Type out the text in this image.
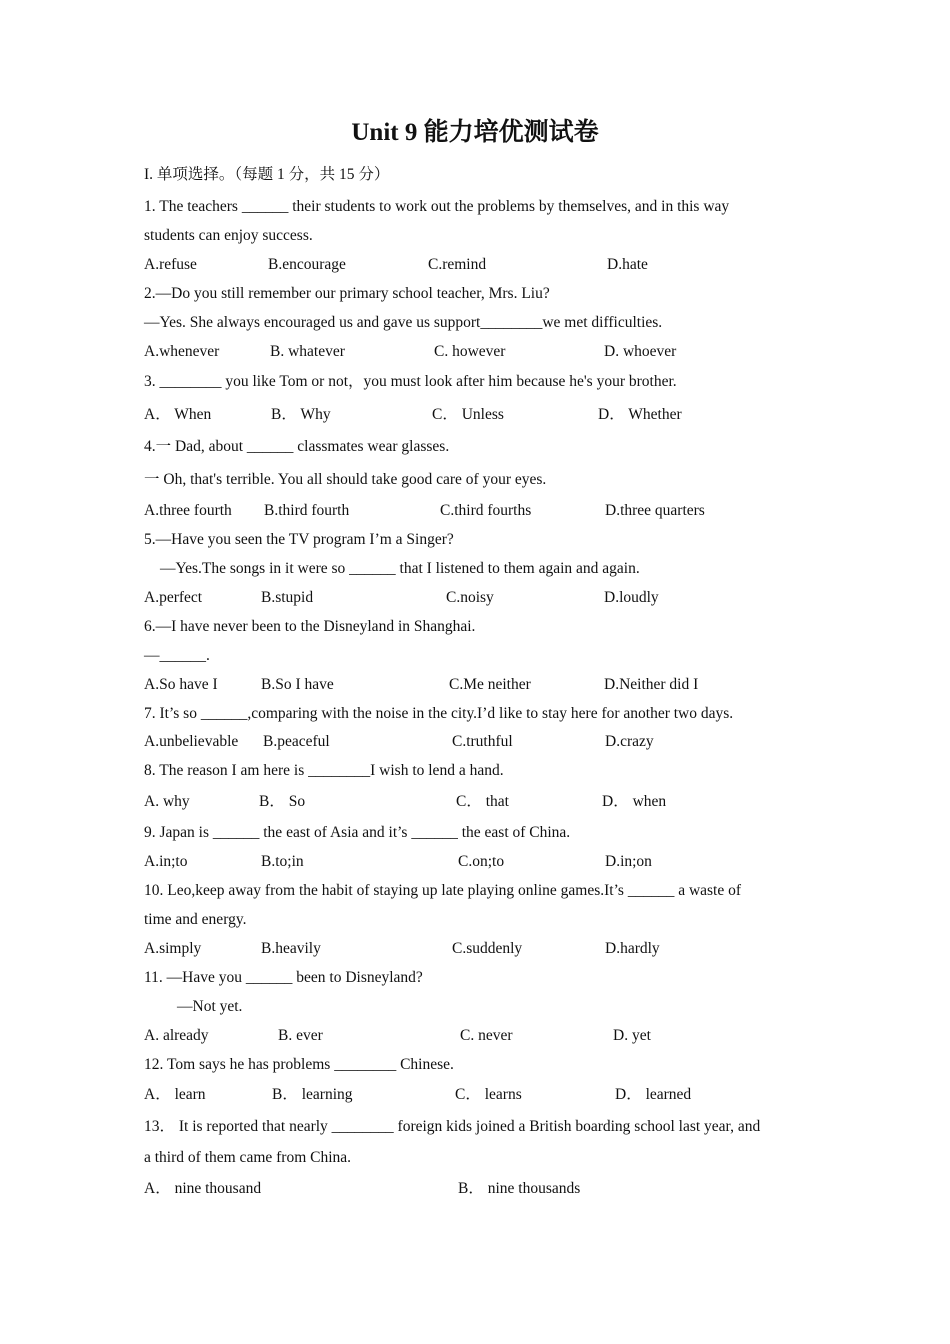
Unit 9 能力培优测试卷
I. 单项选择。（每题 1 分，共 15 分）
1. The teachers ______ their students to work out the problems by themselves, and in this way
students can enjoy success.
A.refuse	B.encourage	C.remind	D.hate
2.—Do you still remember our primary school teacher, Mrs. Liu?
—Yes. She always encouraged us and gave us support________we met difficulties.
A.whenever	B. whatever	C. however	D. whoever
3. ________ you like Tom or not，you must look after him because he's your brother.
A． When	B． Why	C． Unless	D． Whether
4.一 Dad, about ______ classmates wear glasses.
一 Oh, that's terrible. You all should take good care of your eyes.
A.three fourth B.third fourth	C.third fourths	D.three quarters
5.—Have you seen the TV program I’m a Singer?
—Yes.The songs in it were so ______ that I listened to them again and again.
A.perfect	B.stupid	C.noisy	D.loudly
6.—I have never been to the Disneyland in Shanghai.
—______.
A.So have I	B.So I have	C.Me neither	D.Neither did I
7. It’s so ______,comparing with the noise in the city.I’d like to stay here for another two days.
A.unbelievable B.peaceful	C.truthful	D.crazy
8. The reason I am here is ________I wish to lend a hand.
A. why	B． So	C． that	D． when
9. Japan is ______ the east of Asia and it’s ______ the east of China.
A.in;to	B.to;in	C.on;to	D.in;on
10. Leo,keep away from the habit of staying up late playing online games.It’s ______ a waste of
time and energy.
A.simply	B.heavily	C.suddenly	D.hardly
11. —Have you ______ been to Disneyland?
—Not yet.
A. already	B. ever	C. never	D. yet
12. Tom says he has problems ________ Chinese.
A． learn	B． learning	C． learns	D． learned
13． It is reported that nearly ________ foreign kids joined a British boarding school last year, and
a third of them came from China.
A． nine thousand	B． nine thousands
